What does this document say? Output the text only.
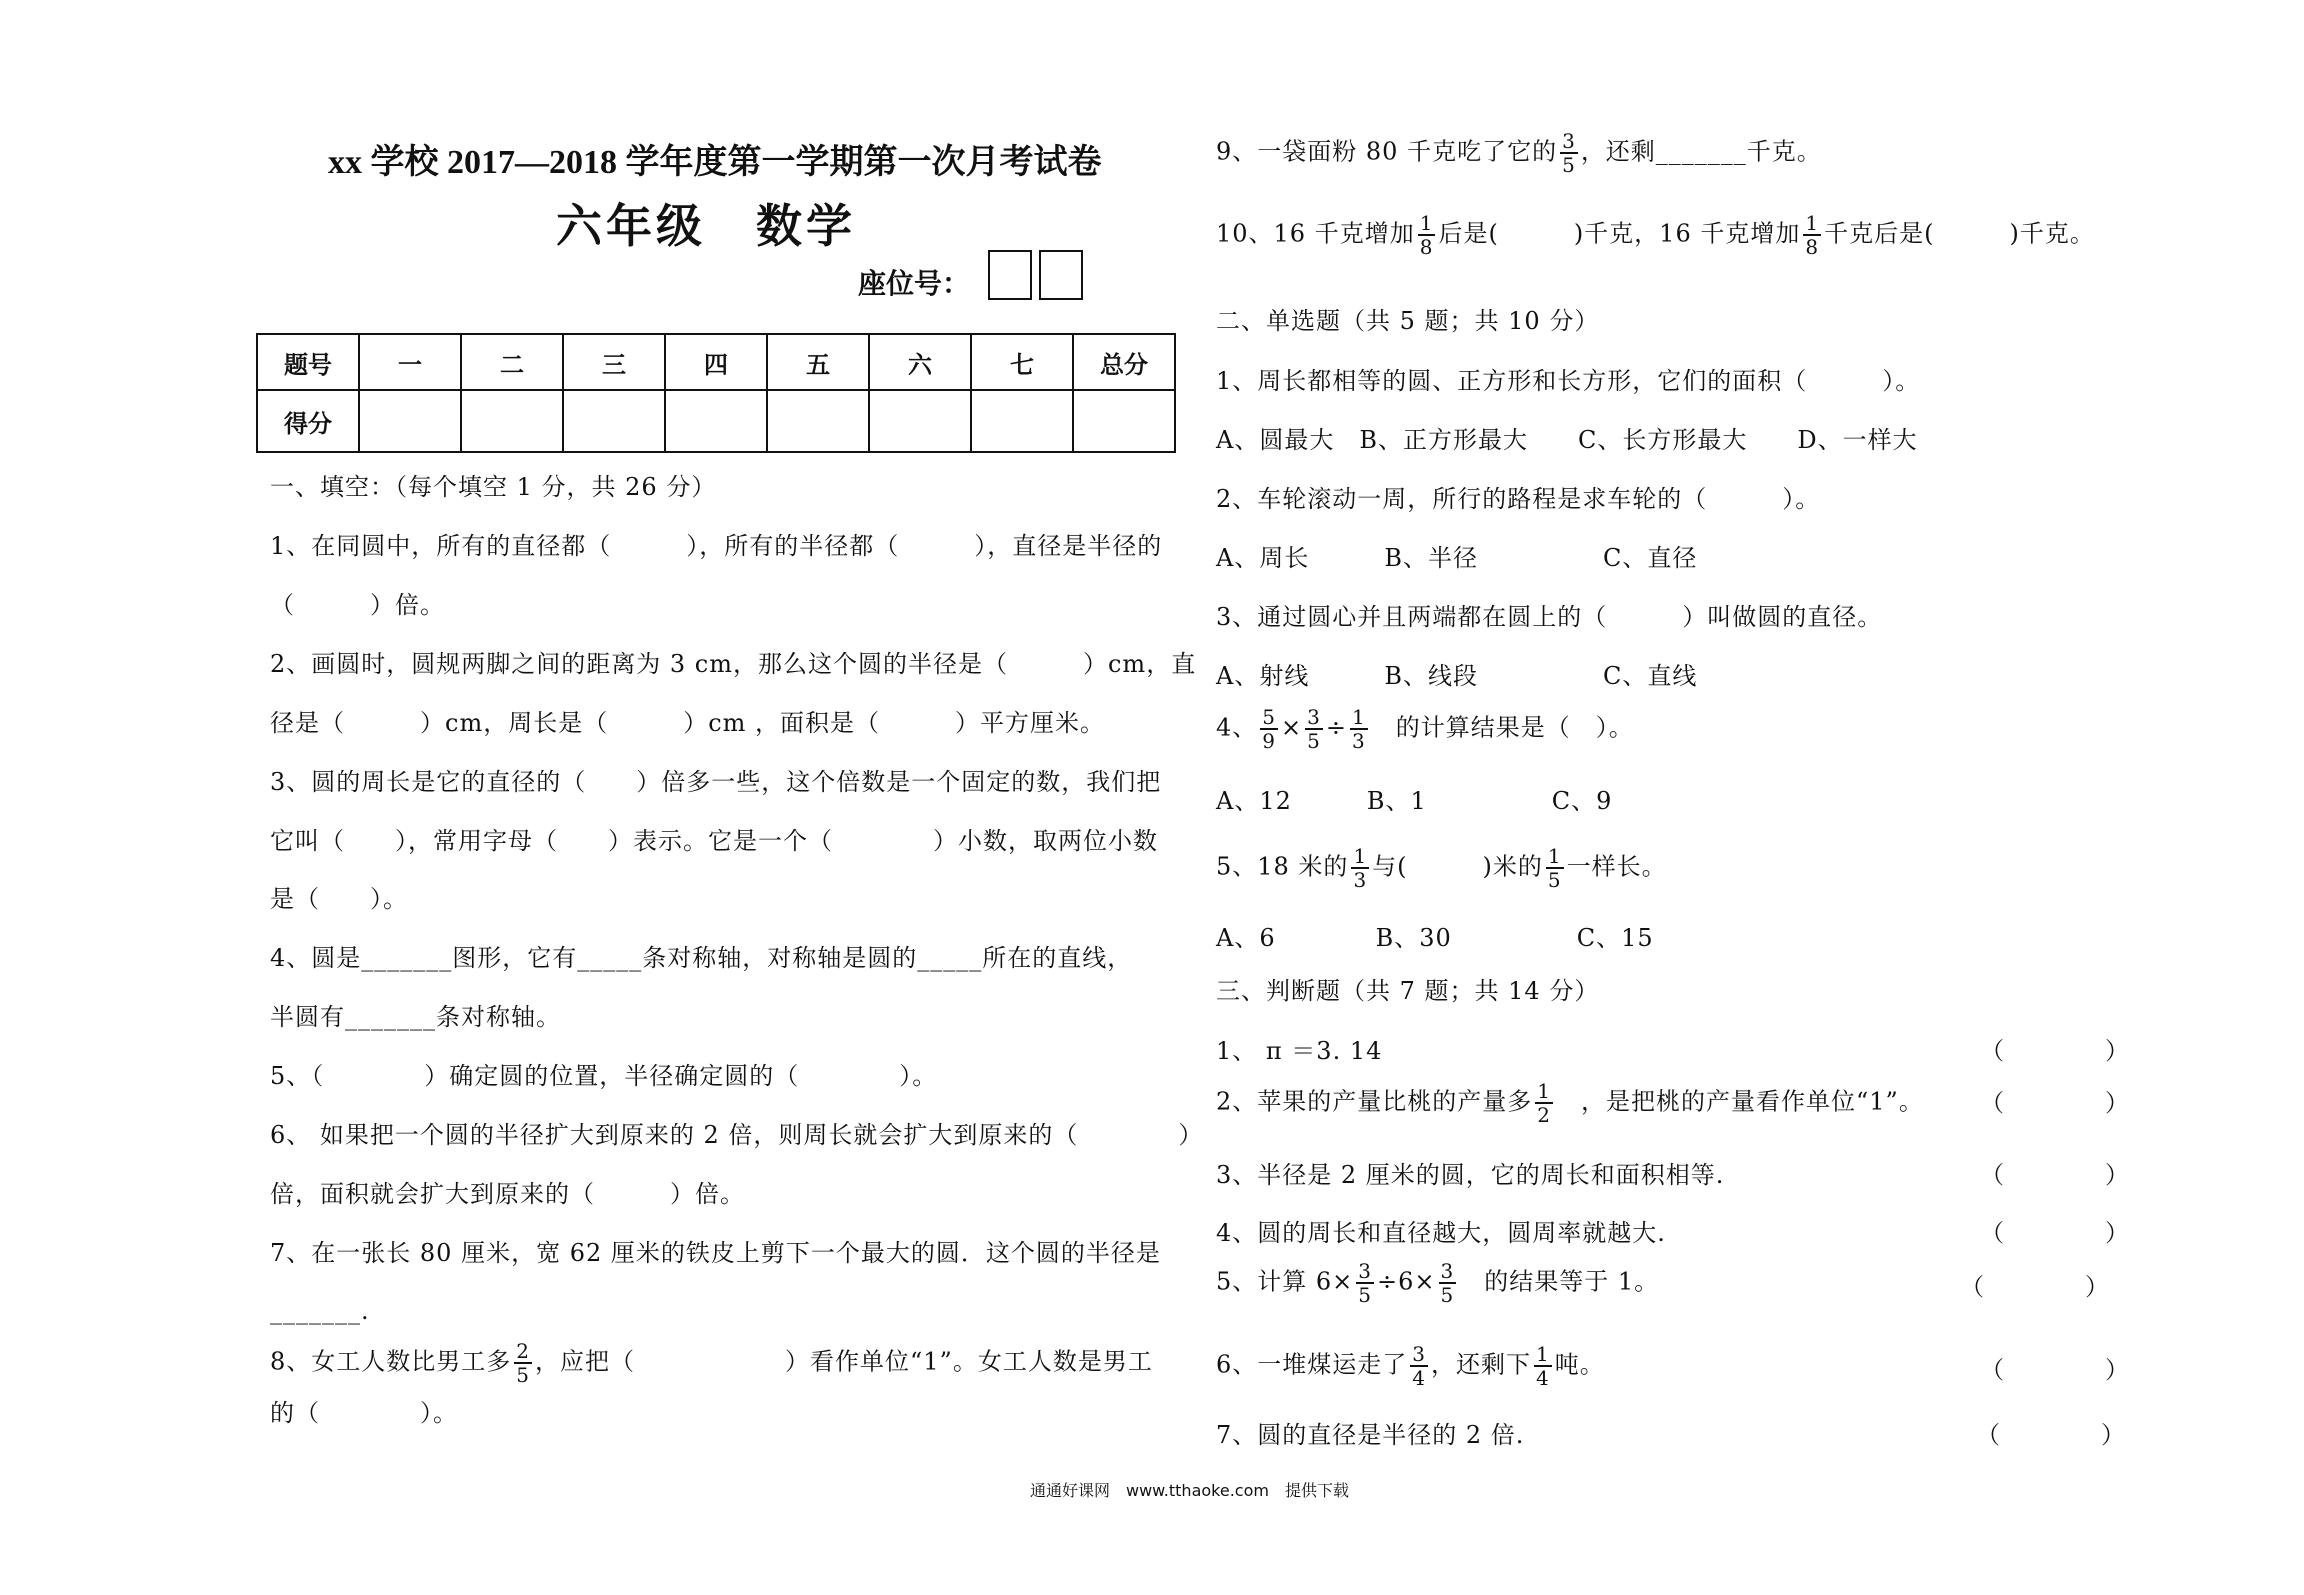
xx 学校 2017—2018 学年度第一学期第一次月考试卷
六年级　数学
座位号：

题号	一	二	三	四	五	六	七	总分
得分								
一、填空：（每个填空 1 分，共 26 分）
1、在同圆中，所有的直径都（　　　），所有的半径都（　　　），直径是半径的
（　　　）倍。
2、画圆时，圆规两脚之间的距离为 3 cm，那么这个圆的半径是（　　　）cm，直
径是（　　　）cm，周长是（　　　）cm ，面积是（　　　）平方厘米。
3、圆的周长是它的直径的（　　）倍多一些，这个倍数是一个固定的数，我们把
它叫（　　），常用字母（　　）表示。它是一个（　　　　）小数，取两位小数
是（　　）。
4、圆是_______图形，它有_____条对称轴，对称轴是圆的_____所在的直线，
半圆有_______条对称轴。
5、（　　　　）确定圆的位置，半径确定圆的（　　　　）。
6、 如果把一个圆的半径扩大到原来的 2 倍，则周长就会扩大到原来的（　　　　）
倍，面积就会扩大到原来的（　　　）倍。
7、在一张长 80 厘米，宽 62 厘米的铁皮上剪下一个最大的圆．这个圆的半径是
_______.
8、女工人数比男工多 $\frac{2}{5}$ ，应把（　　　　　　）看作单位“1”。女工人数是男工
的（　　　　）。
9、一袋面粉 80 千克吃了它的 $\frac{3}{5}$ ，还剩_______千克。
10、16 千克增加 $\frac{1}{8}$ 后是(　　　)千克，16 千克增加 $\frac{1}{8}$ 千克后是(　　　)千克。
二、单选题（共 5 题；共 10 分）
1、周长都相等的圆、正方形和长方形，它们的面积（　　　）。
A、圆最大　B、正方形最大　　C、长方形最大　　D、一样大
2、车轮滚动一周，所行的路程是求车轮的（　　　）。
A、周长　　　B、半径　　　　　C、直径
3、通过圆心并且两端都在圆上的（　　　）叫做圆的直径。
A、射线　　　B、线段　　　　　C、直线
4、 $\frac{5}{9} \times \frac{3}{5} \div \frac{1}{3}$
　 的计算结果是（　）。
A、12　　　B、1　　　　　C、9
5、18 米的 $\frac{1}{3}$ 与(　　　)米的 $\frac{1}{5}$ 一样长。
A、6　　　　B、30　　　　　C、15
三、判断题（共 7 题；共 14 分）
1、 π ＝3. 14	（　　　　）
2、苹果的产量比桃的产量多 $\frac{1}{2}$
　 ，是把桃的产量看作单位“1”。 （　　　　）
3、半径是 2 厘米的圆，它的周长和面积相等.	（　　　　）
4、圆的周长和直径越大，圆周率就越大.	（　　　　）
5、计算 $6\times \frac{3}{5} \div 6\times \frac{3}{5}$
　 的结果等于 1。	（　　　　）
6、一堆煤运走了 $\frac{3}{4}$ ，还剩下 $\frac{1}{4}$ 吨。	（　　　　）
7、圆的直径是半径的 2 倍.	（　　　　）
通通好课网　www.tthaoke.com　提供下载
